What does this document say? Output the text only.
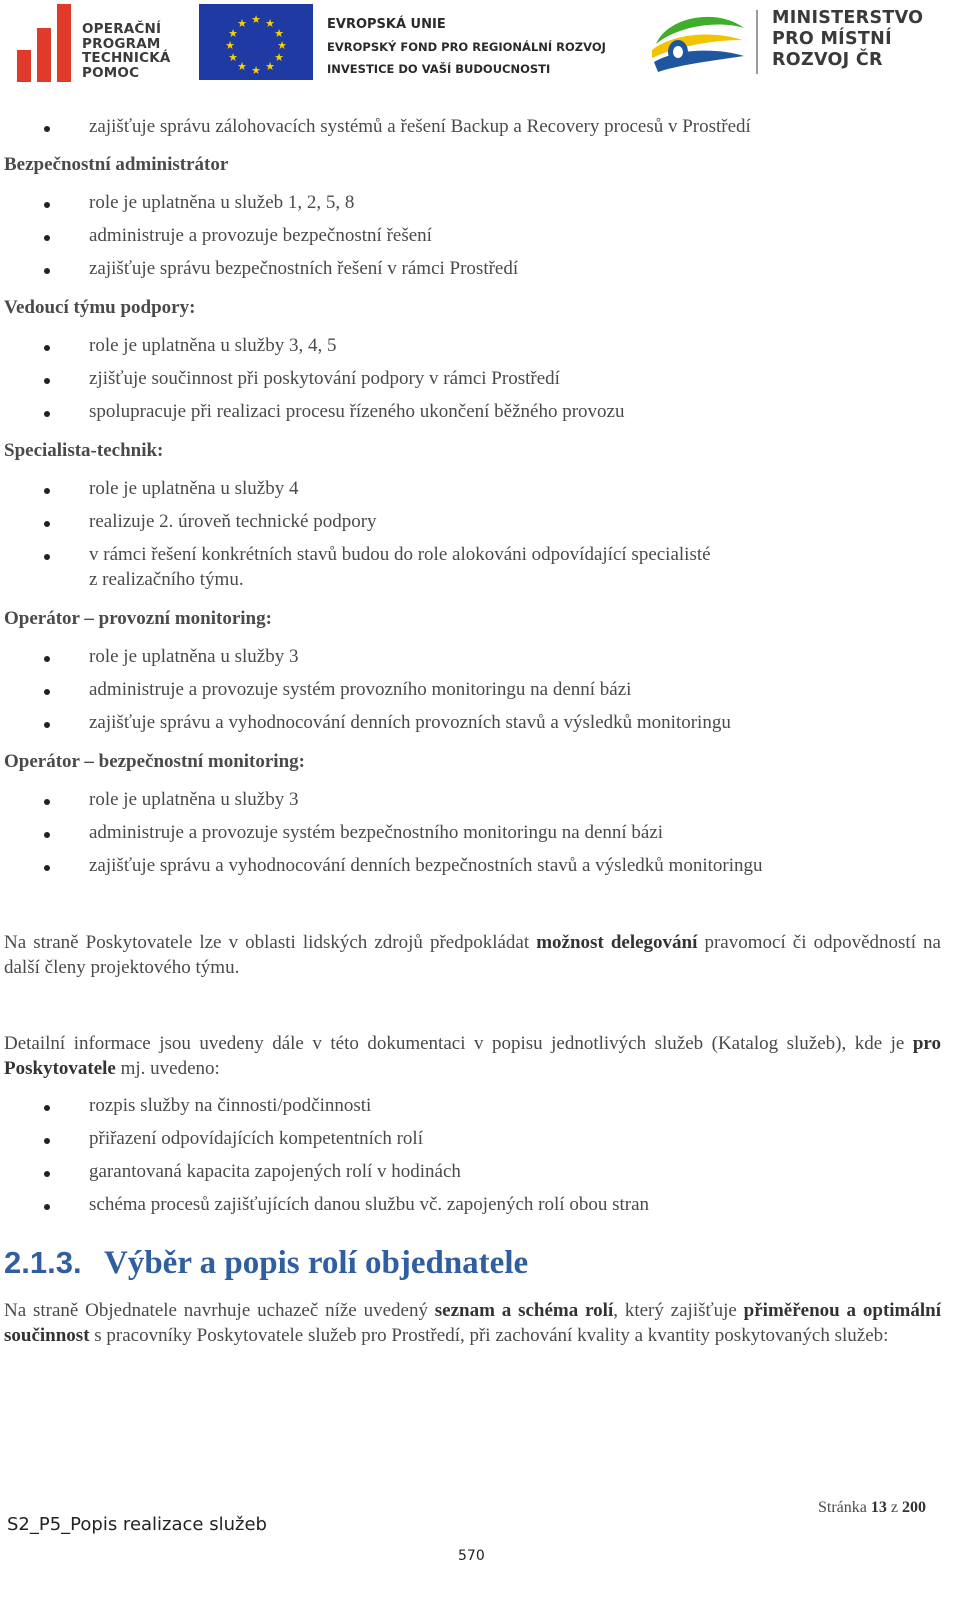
OPERAČNÍ
PROGRAM
TECHNICKÁ
POMOC
★ ★
★
★
★
★
★
★
★
★
★
★	EVROPSKÁ UNIE
EVROPSKÝ FOND PRO REGIONÁLNÍ ROZVOJ
INVESTICE DO VAŠÍ BUDOUCNOSTI
MINISTERSTVO
PRO MÍSTNÍ
ROZVOJ ČR
zajišťuje správu zálohovacích systémů a řešení Backup a Recovery procesů v Prostředí
Bezpečnostní administrátor
role je uplatněna u služeb 1, 2, 5, 8
administruje a provozuje bezpečnostní řešení
zajišťuje správu bezpečnostních řešení v rámci Prostředí
Vedoucí týmu podpory:
role je uplatněna u služby 3, 4, 5
zjišťuje součinnost při poskytování podpory v rámci Prostředí
spolupracuje při realizaci procesu řízeného ukončení běžného provozu
Specialista-technik:
role je uplatněna u služby 4
realizuje 2. úroveň technické podpory
v rámci řešení konkrétních stavů budou do role alokováni odpovídající specialisté
z realizačního týmu.
Operátor – provozní monitoring:
role je uplatněna u služby 3
administruje a provozuje systém provozního monitoringu na denní bázi
zajišťuje správu a vyhodnocování denních provozních stavů a výsledků monitoringu
Operátor – bezpečnostní monitoring:
role je uplatněna u služby 3
administruje a provozuje systém bezpečnostního monitoringu na denní bázi
zajišťuje správu a vyhodnocování denních bezpečnostních stavů a výsledků monitoringu
Na straně Poskytovatele lze v oblasti lidských zdrojů předpokládat možnost delegování pravomocí či odpovědností na další členy projektového týmu.
Detailní informace jsou uvedeny dále v této dokumentaci v popisu jednotlivých služeb (Katalog služeb), kde je pro Poskytovatele mj. uvedeno:
rozpis služby na činnosti/podčinnosti
přiřazení odpovídajících kompetentních rolí
garantovaná kapacita zapojených rolí v hodinách
schéma procesů zajišťujících danou službu vč. zapojených rolí obou stran
2.1.3. Výběr a popis rolí objednatele
Na straně Objednatele navrhuje uchazeč níže uvedený seznam a schéma rolí, který zajišťuje přiměřenou a optimální součinnost s pracovníky Poskytovatele služeb pro Prostředí, při zachování kvality a kvantity poskytovaných služeb:
Stránka 13 z 200
S2_P5_Popis realizace služeb
570
